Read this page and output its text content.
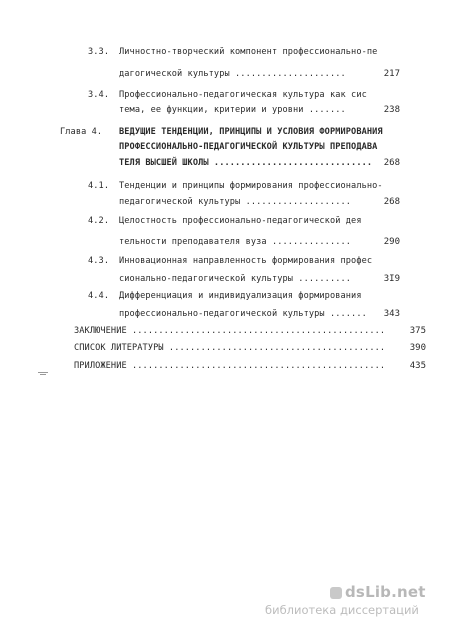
3.3. Личностно-творческий компонент профессионально-пе
дагогической культуры .....................	217
3.4. Профессионально-педагогическая культура как сис
тема, ее функции, критерии и уровни .......	238
Глава 4. ВЕДУЩИЕ ТЕНДЕНЦИИ, ПРИНЦИПЫ И УСЛОВИЯ ФОРМИРОВАНИЯ
ПРОФЕССИОНАЛЬНО-ПЕДАГОГИЧЕСКОЙ КУЛЬТУРЫ ПРЕПОДАВА
ТЕЛЯ ВЫСШЕЙ ШКОЛЫ ..............................	268
4.1. Тенденции и принципы формирования профессионально-
педагогической культуры ....................	268
4.2. Целостность профессионально-педагогической дея
тельности преподавателя вуза ...............	290
4.3. Инновационная направленность формирования профес
сионально-педагогической культуры ..........	3I9
4.4. Дифференциация и индивидуализация формирования
профессионально-педагогической культуры .......	343
ЗАКЛЮЧЕНИЕ ................................................	375
СПИСОК ЛИТЕРАТУРЫ .........................................	390
ПРИЛОЖЕНИЕ ................................................	435
dsLib.net
библиотека диссертаций
